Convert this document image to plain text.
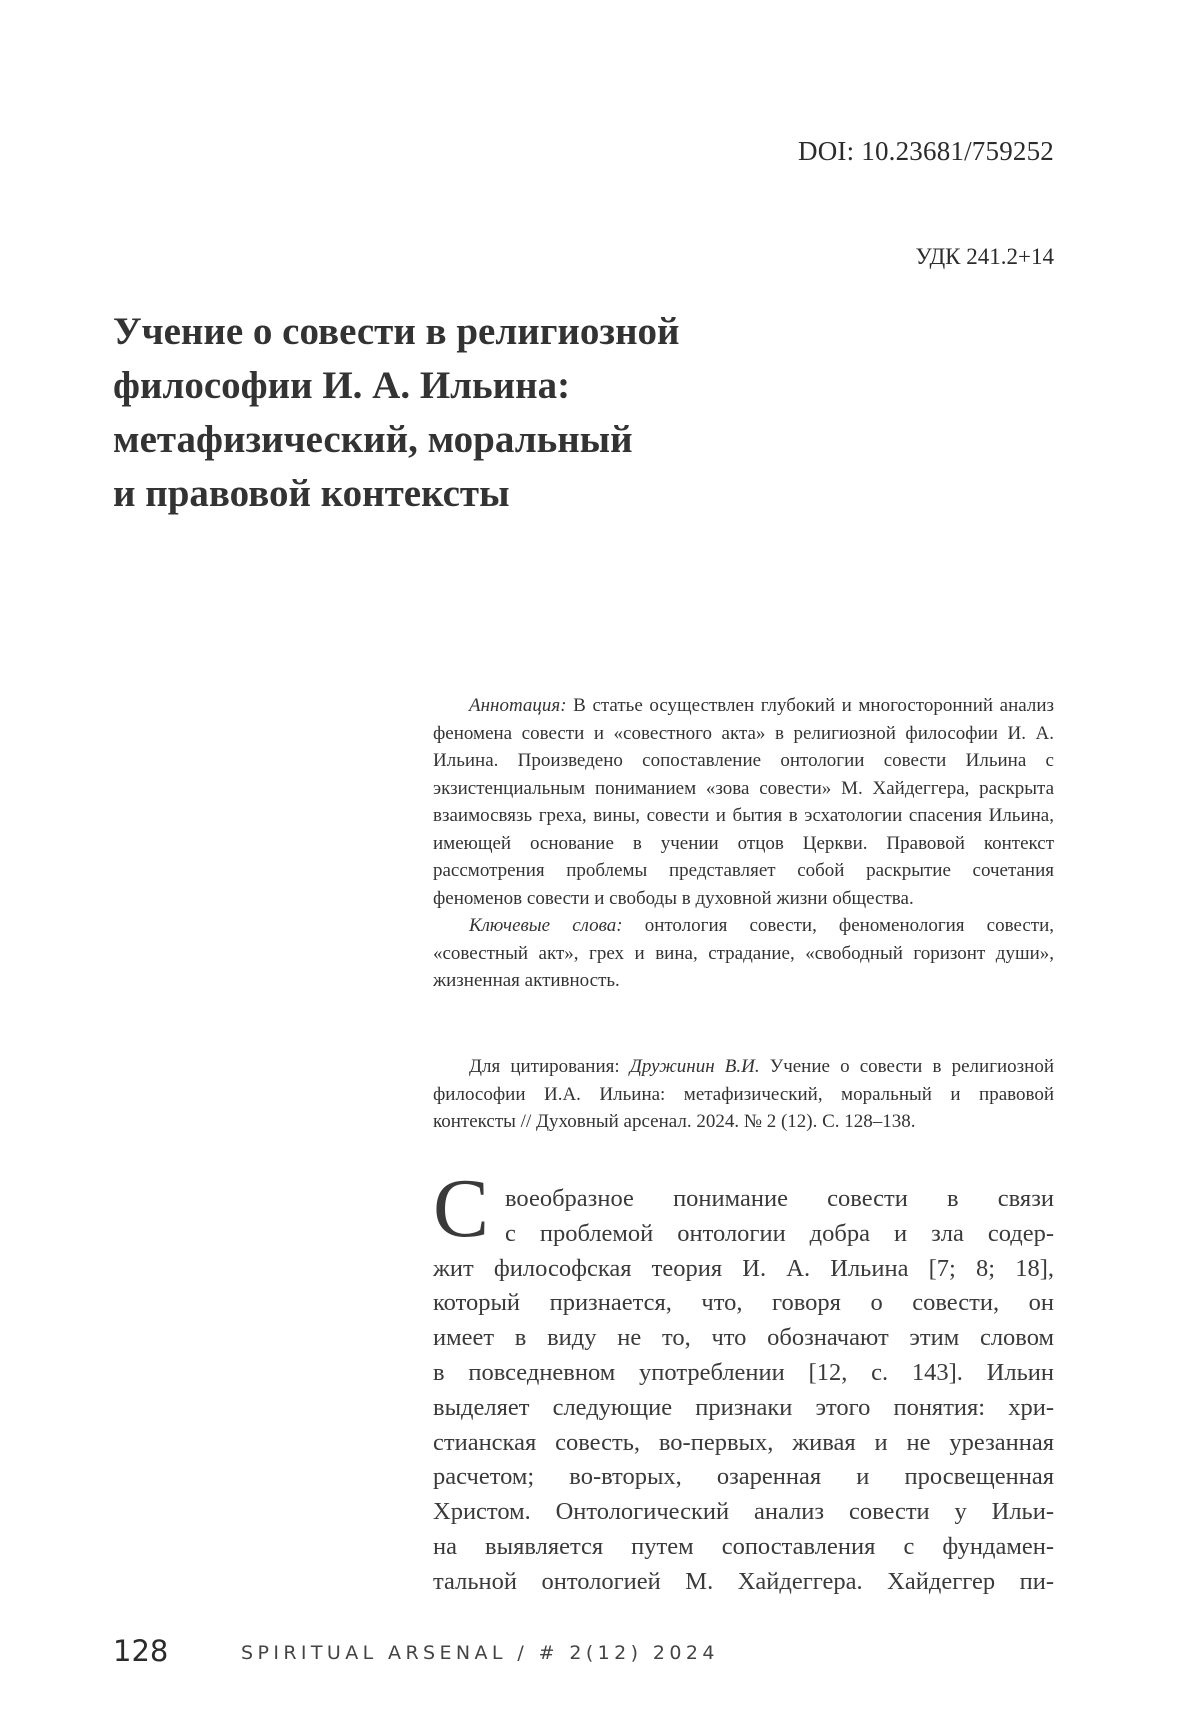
DOI: 10.23681/759252
УДК 241.2+14
Учение о совести в религиозной
философии И. А. Ильина:
метафизический, моральный
и правовой контексты

Аннотация: В статье осуществлен глубокий и многосторонний анализ феномена совести и «совестного акта» в религиозной философии И. А. Ильина. Произведено сопоставление онтологии совести Ильина с экзистенциальным пониманием «зова совести» М. Хайдеггера, раскрыта взаимосвязь греха, вины, совести и бытия в эсхатологии спасения Ильина, имеющей основание в учении отцов Церкви. Правовой контекст рассмотрения проблемы представляет собой раскрытие сочетания феноменов совести и свободы в духовной жизни общества.

Ключевые слова: онтология совести, феноменология совести, «совестный акт», грех и вина, страдание, «свободный горизонт души», жизненная активность.

Для цитирования: Дружинин В.И. Учение о совести в религиозной философии И.А. Ильина: метафизический, моральный и правовой контексты // Духовный арсенал. 2024. № 2 (12). С. 128–138.

С воеобразное понимание совести в связи
с проблемой онтологии добра и зла содер-
жит философская теория И. А. Ильина [7; 8; 18],
который признается, что, говоря о совести, он
имеет в виду не то, что обозначают этим словом
в повседневном употреблении [12, с. 143]. Ильин
выделяет следующие признаки этого понятия: хри-
стианская совесть, во-первых, живая и не урезанная
расчетом; во-вторых, озаренная и просвещенная
Христом. Онтологический анализ совести у Ильи-
на выявляется путем сопоставления с фундамен-
тальной онтологией М. Хайдеггера. Хайдеггер пи-
128	SPIRITUAL ARSENAL / # 2(12) 2024
